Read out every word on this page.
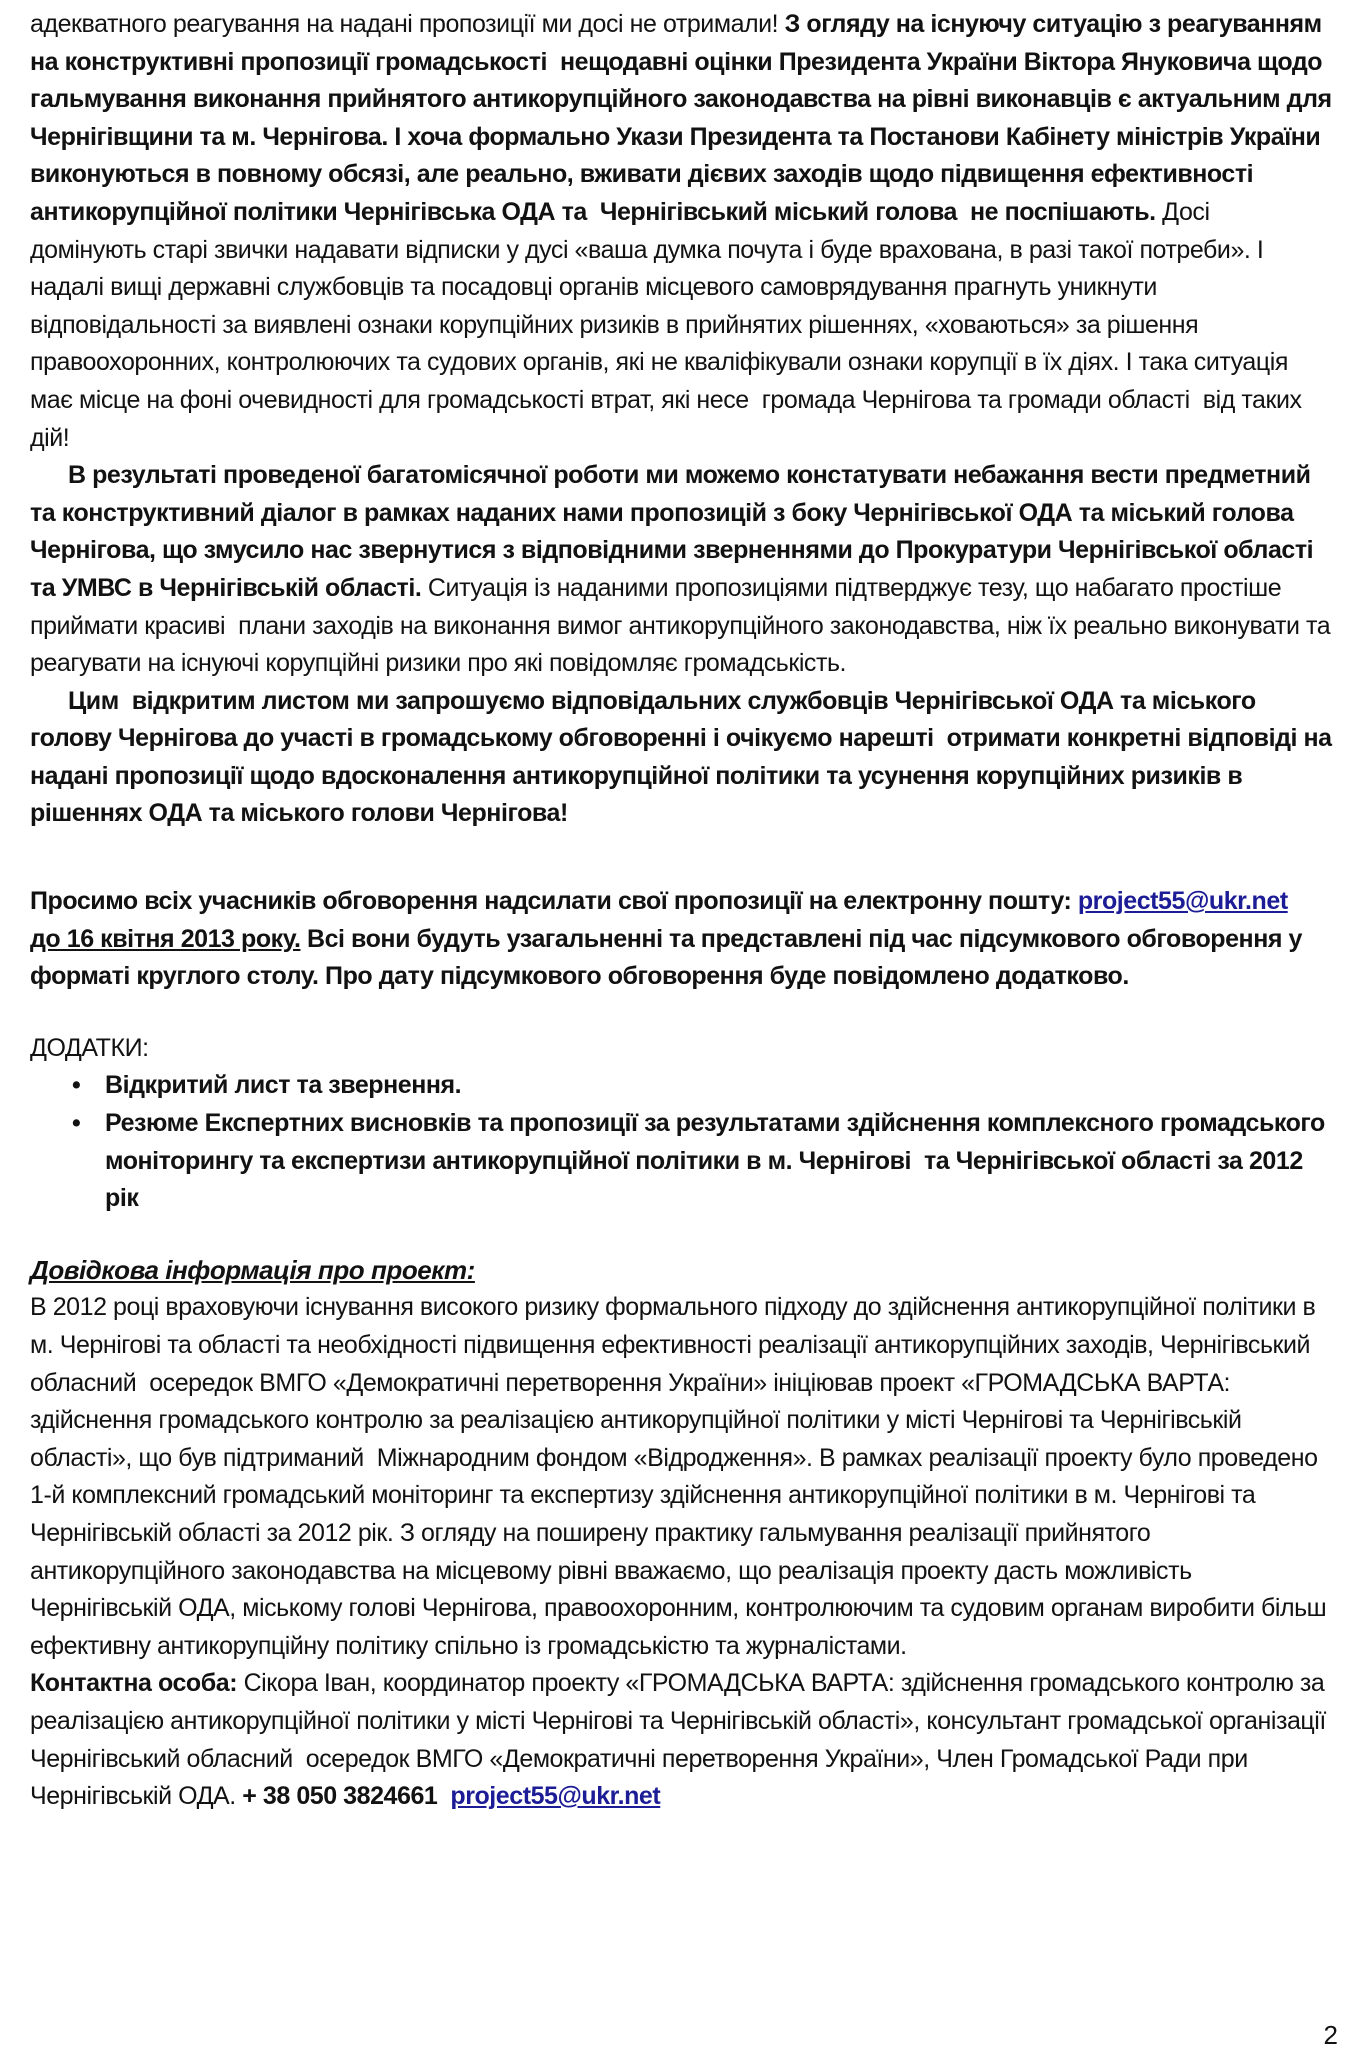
адекватного реагування на надані пропозиції ми досі не отримали! З огляду на існуючу ситуацію з реагуванням на конструктивні пропозиції громадськості  нещодавні оцінки Президента України Віктора Януковича щодо гальмування виконання прийнятого антикорупційного законодавства на рівні виконавців є актуальним для Чернігівщини та м. Чернігова. І хоча формально Укази Президента та Постанови Кабінету міністрів України  виконуються в повному обсязі, але реально, вживати дієвих заходів щодо підвищення ефективності антикорупційної політики Чернігівська ОДА та  Чернігівський міський голова  не поспішають. Досі домінують старі звички надавати відписки у дусі «ваша думка почута і буде врахована, в разі такої потреби». І надалі вищі державні службовців та посадовці органів місцевого самоврядування прагнуть уникнути відповідальності за виявлені ознаки корупційних ризиків в прийнятих рішеннях, «ховаються» за рішення правоохоронних, контролюючих та судових органів, які не кваліфікували ознаки корупції в їх діях. І така ситуація має місце на фоні очевидності для громадськості втрат, які несе  громада Чернігова та громади області  від таких дій!
В результаті проведеної багатомісячної роботи ми можемо констатувати небажання вести предметний та конструктивний діалог в рамках наданих нами пропозицій з боку Чернігівської ОДА та міський голова Чернігова, що змусило нас звернутися з відповідними зверненнями до Прокуратури Чернігівської області та УМВС в Чернігівській області. Ситуація із наданими пропозиціями підтверджує тезу, що набагато простіше приймати красиві  плани заходів на виконання вимог антикорупційного законодавства, ніж їх реально виконувати та реагувати на існуючі корупційні ризики про які повідомляє громадськість.
Цим  відкритим листом ми запрошуємо відповідальних службовців Чернігівської ОДА та міського голову Чернігова до участі в громадському обговоренні і очікуємо нарешті  отримати конкретні відповіді на надані пропозиції щодо вдосконалення антикорупційної політики та усунення корупційних ризиків в рішеннях ОДА та міського голови Чернігова!
Просимо всіх учасників обговорення надсилати свої пропозиції на електронну пошту: project55@ukr.net   до 16 квітня 2013 року. Всі вони будуть узагальненні та представлені під час підсумкового обговорення у форматі круглого столу. Про дату підсумкового обговорення буде повідомлено додатково.
ДОДАТКИ:
• Відкритий лист та звернення.
• Резюме Експертних висновків та пропозиції за результатами здійснення комплексного громадського моніторингу та експертизи антикорупційної політики в м. Чернігові  та Чернігівської області за 2012 рік
Довідкова інформація про проект:
В 2012 році враховуючи існування високого ризику формального підходу до здійснення антикорупційної політики в м. Чернігові та області та необхідності підвищення ефективності реалізації антикорупційних заходів, Чернігівський обласний  осередок ВМГО «Демократичні перетворення України» ініціював проект «ГРОМАДСЬКА ВАРТА: здійснення громадського контролю за реалізацією антикорупційної політики у місті Чернігові та Чернігівській області», що був підтриманий  Міжнародним фондом «Відродження». В рамках реалізації проекту було проведено 1-й комплексний громадський моніторинг та експертизу здійснення антикорупційної політики в м. Чернігові та Чернігівській області за 2012 рік. З огляду на поширену практику гальмування реалізації прийнятого антикорупційного законодавства на місцевому рівні вважаємо, що реалізація проекту дасть можливість Чернігівській ОДА, міському голові Чернігова, правоохоронним, контролюючим та судовим органам виробити більш ефективну антикорупційну політику спільно із громадськістю та журналістами.
Контактна особа: Сікора Іван, координатор проекту «ГРОМАДСЬКА ВАРТА: здійснення громадського контролю за реалізацією антикорупційної політики у місті Чернігові та Чернігівській області», консультант громадської організації  Чернігівський обласний  осередок ВМГО «Демократичні перетворення України», Член Громадської Ради при Чернігівській ОДА. + 38 050 3824661 project55@ukr.net
2
